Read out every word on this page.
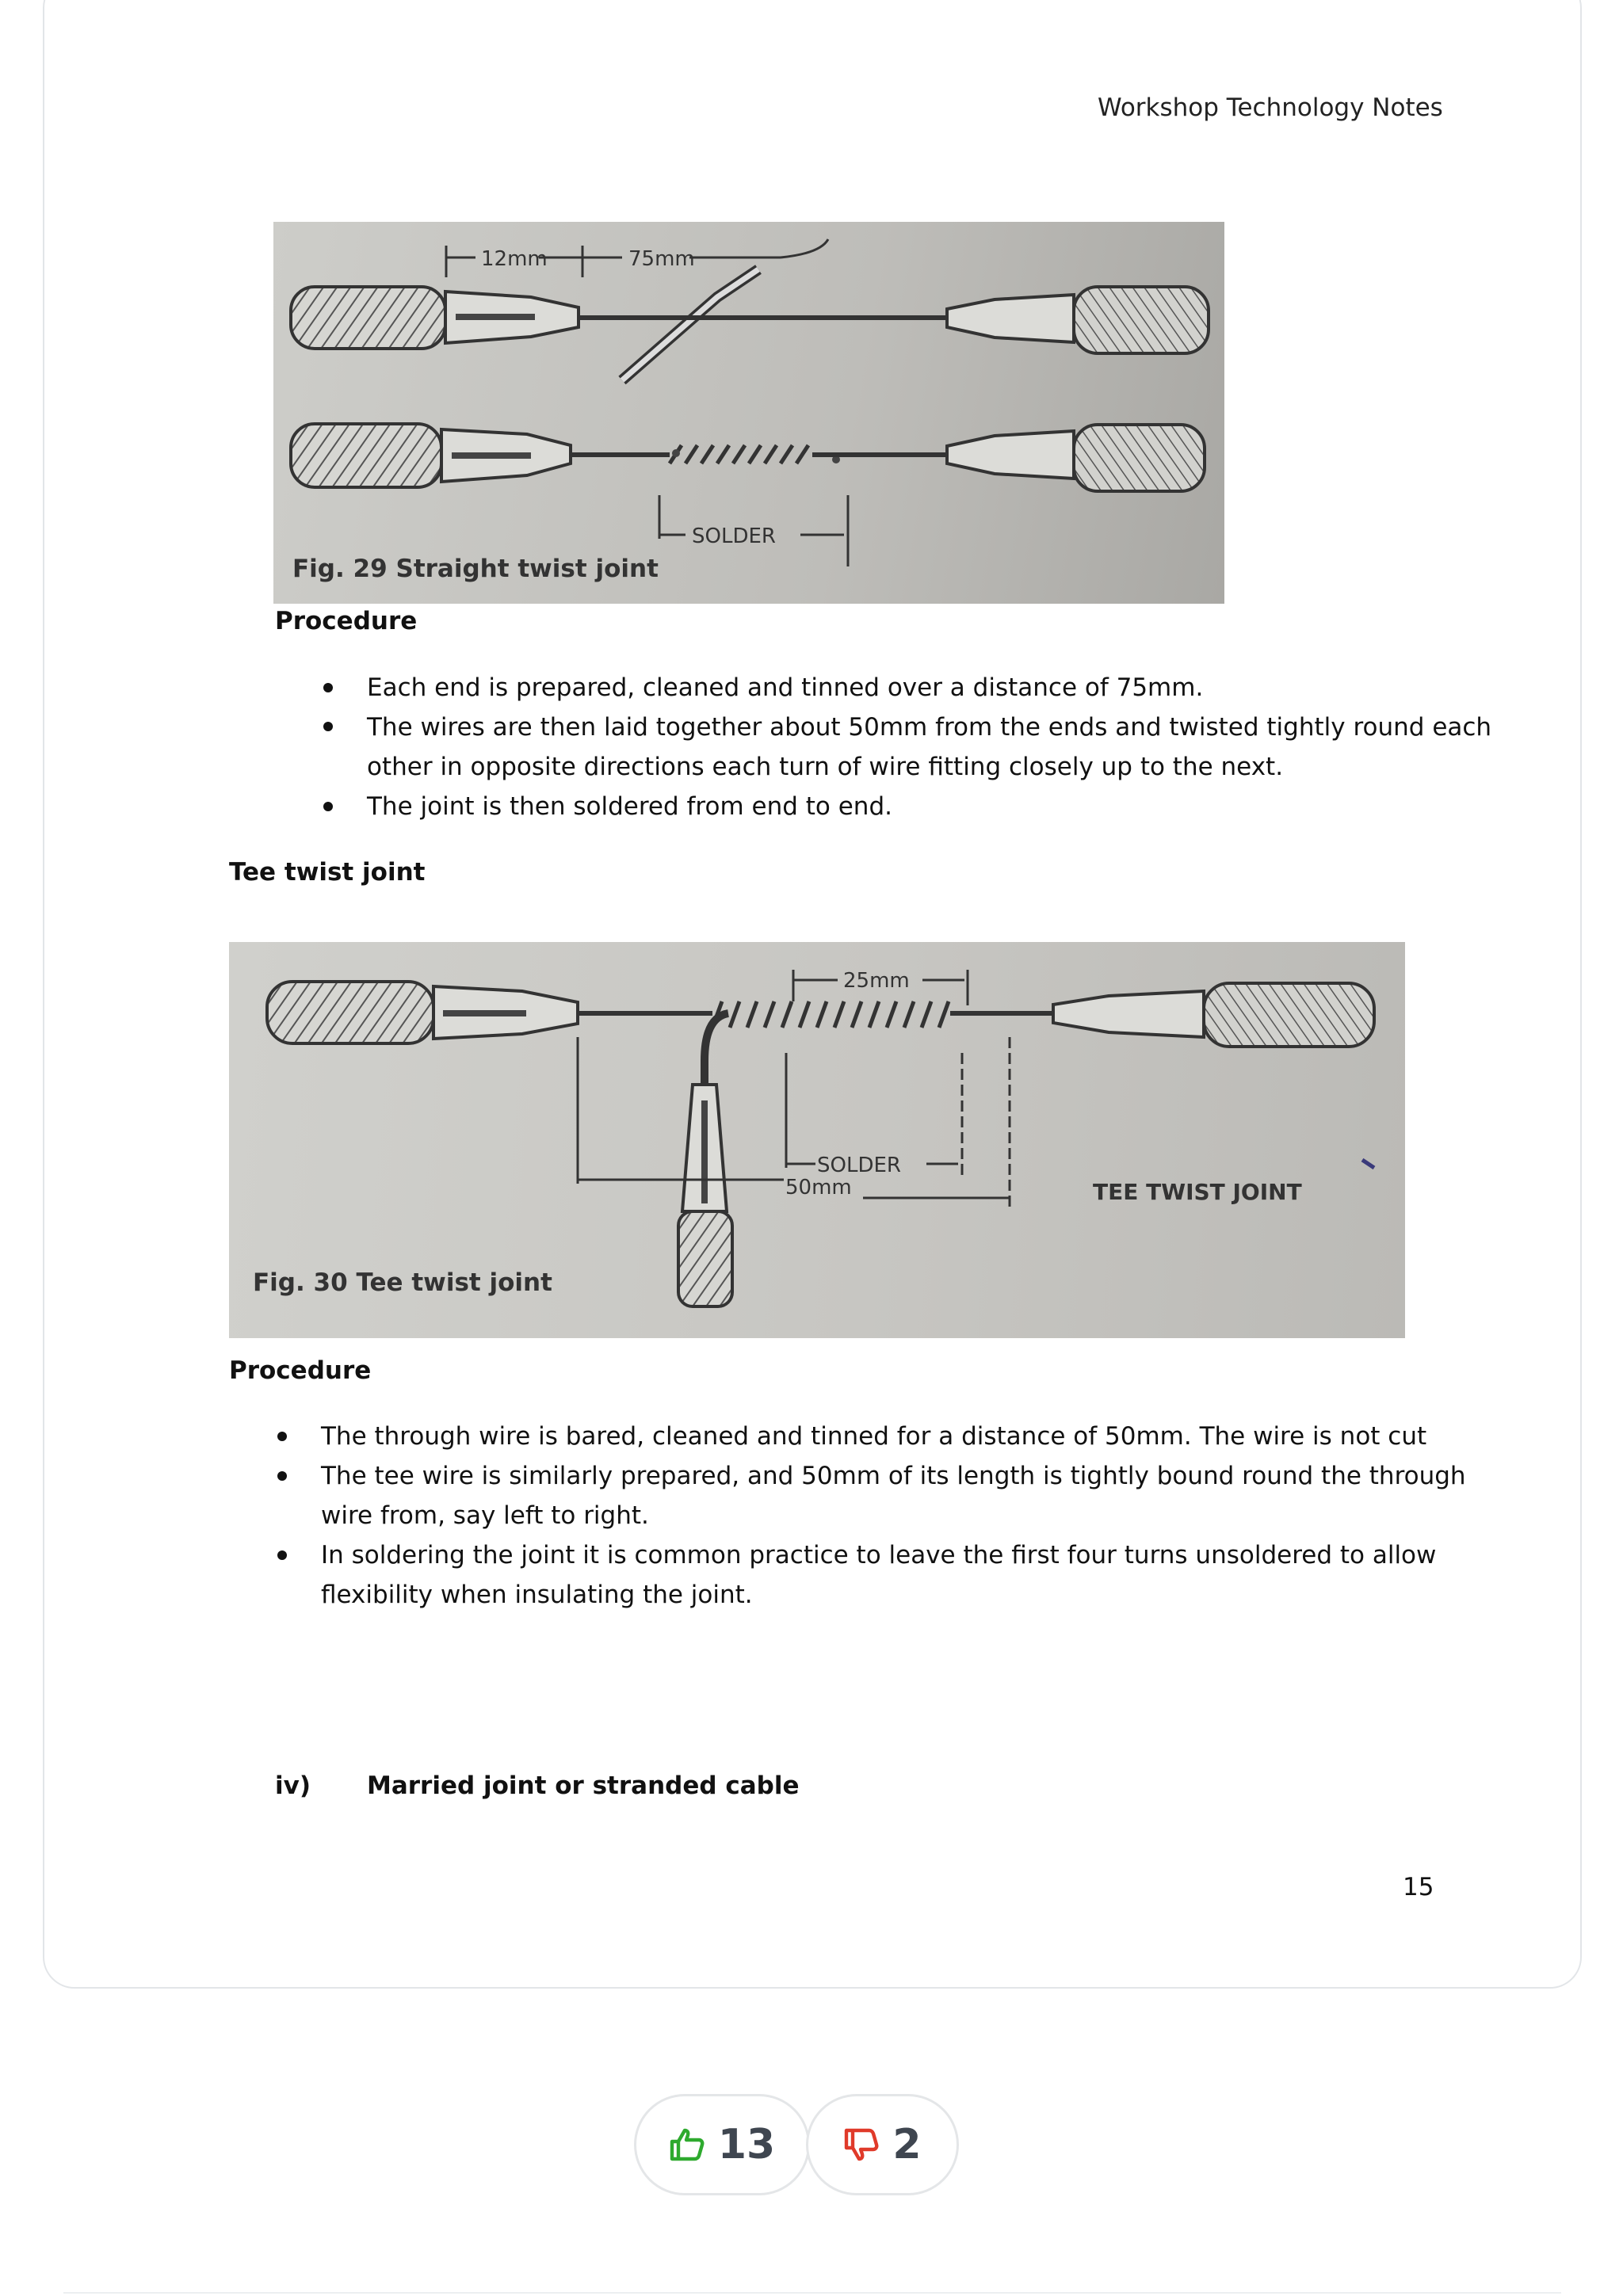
Workshop Technology Notes
12mm	75mm
SOLDER
Fig. 29 Straight twist joint
Procedure
Each end is prepared, cleaned and tinned over a distance of 75mm.
The wires are then laid together about 50mm from the ends and twisted tightly round each
other in opposite directions each turn of wire fitting closely up to the next.
The joint is then soldered from end to end.
Tee twist joint
25mm
SOLDER
50mm	TEE TWIST JOINT
Fig. 30 Tee twist joint
Procedure
The through wire is bared, cleaned and tinned for a distance of 50mm. The wire is not cut
The tee wire is similarly prepared, and 50mm of its length is tightly bound round the through
wire from, say left to right.
In soldering the joint it is common practice to leave the first four turns unsoldered to allow
flexibility when insulating the joint.
iv) Married joint or stranded cable
15
13	2
